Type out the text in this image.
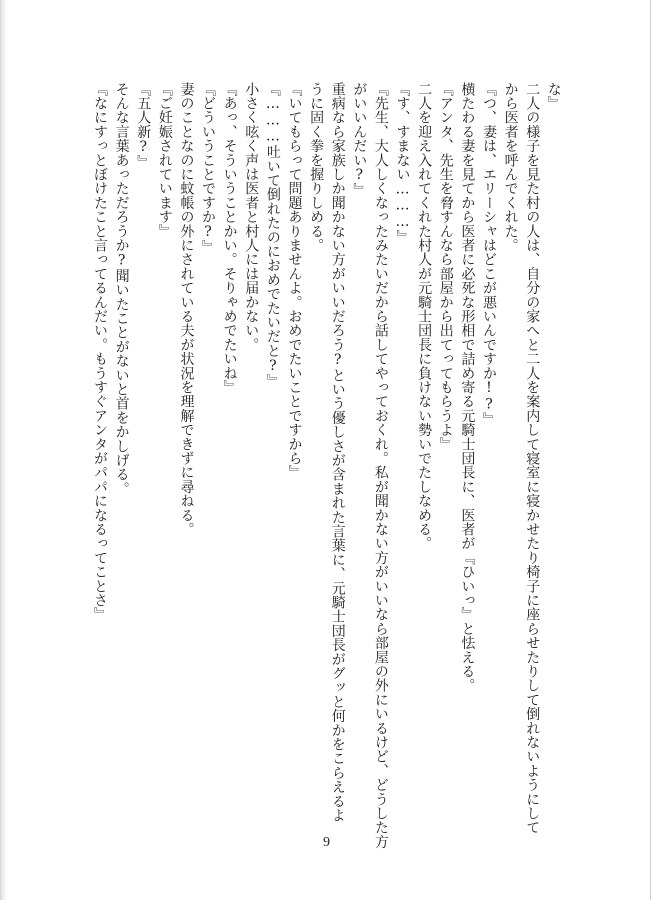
な』
二人の様子を見た村の人は、自分の家へと二人を案内して寝室に寝かせたり椅子に座らせたりして倒れないようにして
から医者を呼んでくれた。
『つ、妻は、エリーシャはどこが悪いんですか!?』
横たわる妻を見てから医者に必死な形相で詰め寄る元騎士団長に、医者が『ひいっ』と怯える。
『アンタ、先生を脅すんなら部屋から出てってもらうよ』
二人を迎え入れてくれた村人が元騎士団長に負けない勢いでたしなめる。
『す、すまない………』
『先生、大人しくなったみたいだから話してやっておくれ。私が聞かない方がいいなら部屋の外にいるけど、どうした方
がいいんだい?』
重病なら家族しか聞かない方がいいだろう?という優しさが含まれた言葉に、元騎士団長がグッと何かをこらえるよ
うに固く拳を握りしめる。
『いてもらって問題ありませんよ。おめでたいことですから』
『………吐いて倒れたのにおめでたいだと?』
小さく呟く声は医者と村人には届かない。
『あっ、そういうことかい。そりゃめでたいね』
『どういうことですか?』
妻のことなのに蚊帳の外にされている夫が状況を理解できずに尋ねる。
『ご妊娠されています』
『五人新?』
そんな言葉あっただろうか?聞いたことがないと首をかしげる。
『なにすっとぼけたこと言ってるんだい。もうすぐアンタがパパになるってことさ』
9
